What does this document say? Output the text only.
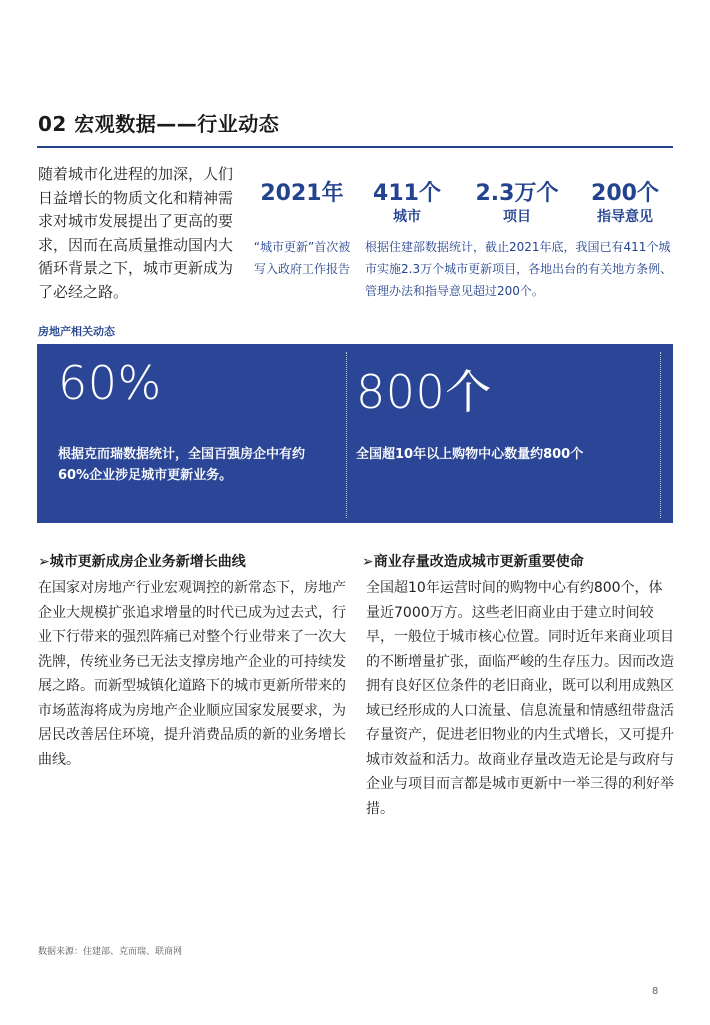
02 宏观数据——行业动态
随着城市化进程的加深，人们日益增长的物质文化和精神需求对城市发展提出了更高的要求，因而在高质量推动国内大循环背景之下，城市更新成为了必经之路。
2021年	411个
城市
2.3万个
项目
200个
指导意见
“城市更新”首次被写入政府工作报告
根据住建部数据统计，截止2021年底，我国已有411个城市实施2.3万个城市更新项目，各地出台的有关地方条例、管理办法和指导意见超过200个。
房地产相关动态
60%
根据克而瑞数据统计，全国百强房企中有约60%企业涉足城市更新业务。
800个
全国超10年以上购物中心数量约800个
➢城市更新成房企业务新增长曲线
在国家对房地产行业宏观调控的新常态下，房地产企业大规模扩张追求增量的时代已成为过去式，行业下行带来的强烈阵痛已对整个行业带来了一次大洗牌，传统业务已无法支撑房地产企业的可持续发展之路。而新型城镇化道路下的城市更新所带来的市场蓝海将成为房地产企业顺应国家发展要求，为居民改善居住环境，提升消费品质的新的业务增长曲线。
➢商业存量改造成城市更新重要使命
全国超10年运营时间的购物中心有约800个，体量近7000万方。这些老旧商业由于建立时间较早，一般位于城市核心位置。同时近年来商业项目的不断增量扩张，面临严峻的生存压力。因而改造拥有良好区位条件的老旧商业，既可以利用成熟区域已经形成的人口流量、信息流量和情感纽带盘活存量资产，促进老旧物业的内生式增长，又可提升城市效益和活力。故商业存量改造无论是与政府与企业与项目而言都是城市更新中一举三得的利好举措。
数据来源：住建部、克而瑞、联商网
8
